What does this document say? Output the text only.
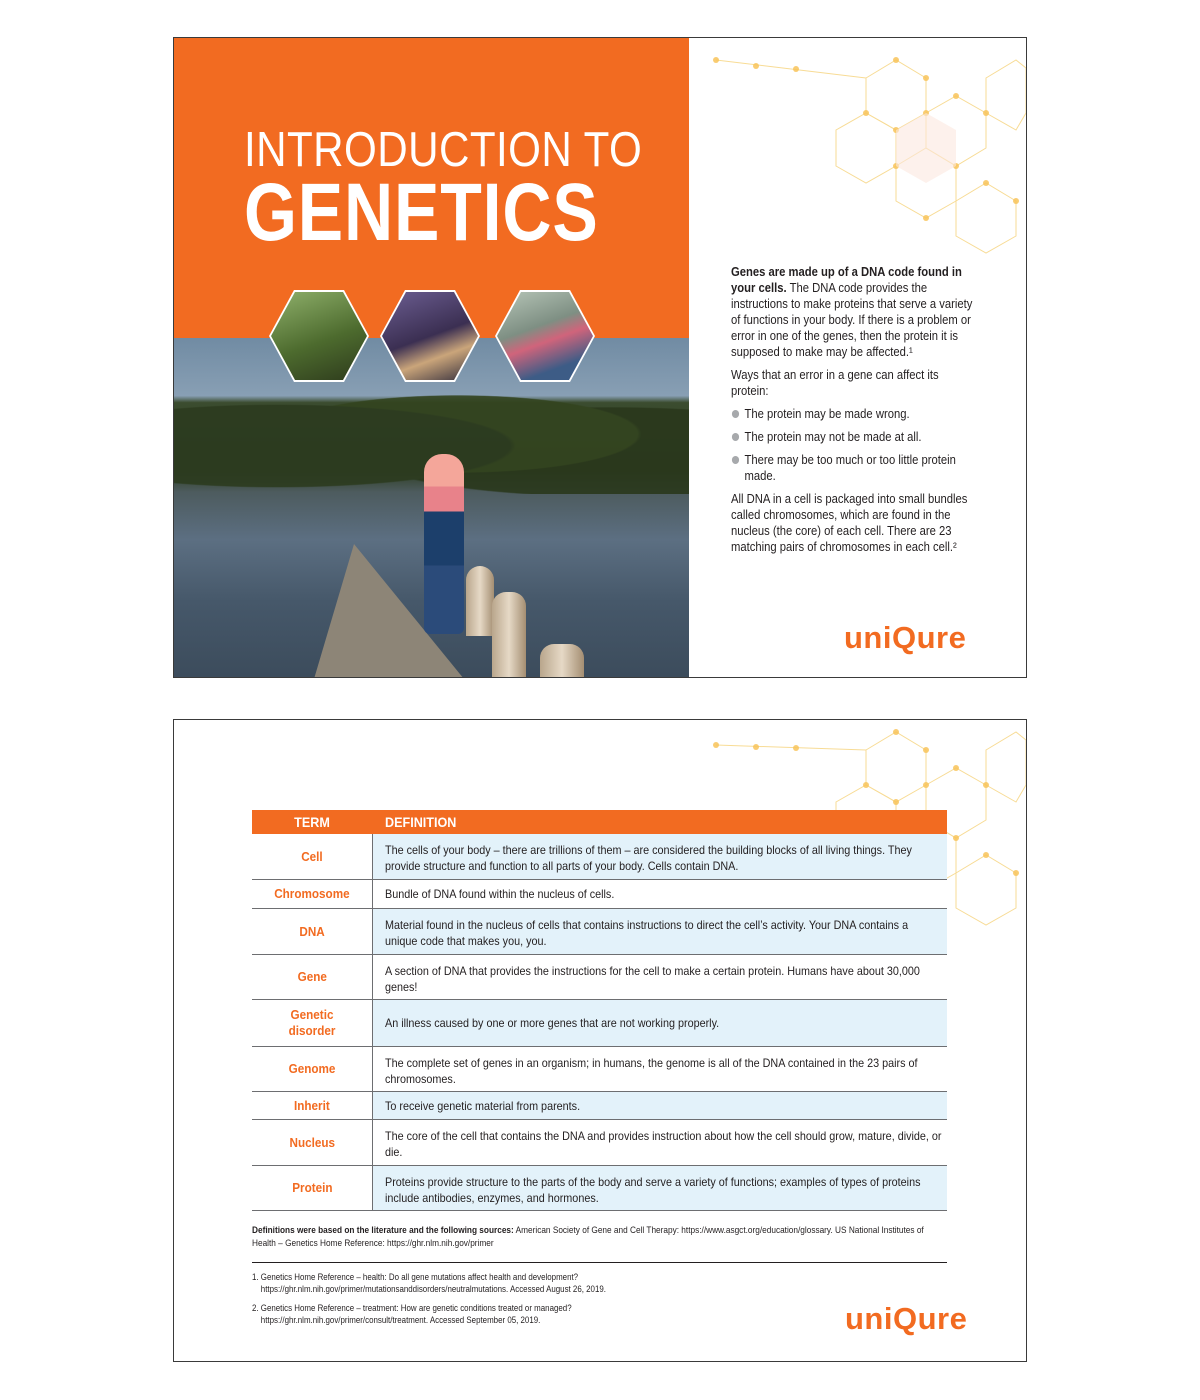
INTRODUCTION TO
GENETICS

Genes are made up of a DNA code found in your cells. The DNA code provides the instructions to make proteins that serve a variety of functions in your body. If there is a problem or error in one of the genes, then the protein it is supposed to make may be affected.¹

Ways that an error in a gene can affect its protein:

The protein may be made wrong.
The protein may not be made at all.
There may be too much or too little protein made.

All DNA in a cell is packaged into small bundles called chromosomes, which are found in the nucleus (the core) of each cell. There are 23 matching pairs of chromosomes in each cell.²

uniQure
TERM	DEFINITION
Cell	The cells of your body – there are trillions of them – are considered the building blocks of all living things. They provide structure and function to all parts of your body. Cells contain DNA.
Chromosome	Bundle of DNA found within the nucleus of cells.
DNA	Material found in the nucleus of cells that contains instructions to direct the cell’s activity. Your DNA contains a unique code that makes you, you.
Gene	A section of DNA that provides the instructions for the cell to make a certain protein. Humans have about 30,000 genes!
Genetic disorder	An illness caused by one or more genes that are not working properly.
Genome	The complete set of genes in an organism; in humans, the genome is all of the DNA contained in the 23 pairs of chromosomes.
Inherit	To receive genetic material from parents.
Nucleus	The core of the cell that contains the DNA and provides instruction about how the cell should grow, mature, divide, or die.
Protein	Proteins provide structure to the parts of the body and serve a variety of functions; examples of types of proteins include antibodies, enzymes, and hormones.
Definitions were based on the literature and the following sources: American Society of Gene and Cell Therapy: https://www.asgct.org/education/glossary. US National Institutes of Health – Genetics Home Reference: https://ghr.nlm.nih.gov/primer
1. Genetics Home Reference – health: Do all gene mutations affect health and development? https://ghr.nlm.nih.gov/primer/mutationsanddisorders/neutralmutations. Accessed August 26, 2019.
2. Genetics Home Reference – treatment: How are genetic conditions treated or managed? https://ghr.nlm.nih.gov/primer/consult/treatment. Accessed September 05, 2019.	uniQure
